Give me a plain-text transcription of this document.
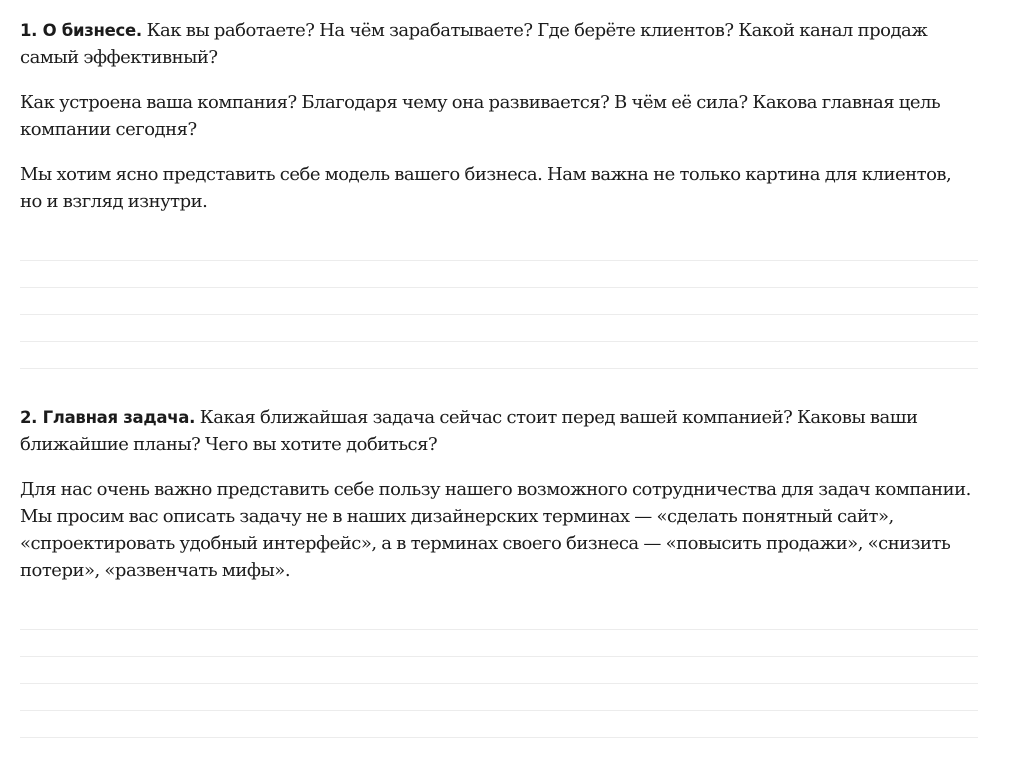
1. О бизнесе. Как вы работаете? На чём зарабатываете? Где берёте клиентов? Какой канал продаж самый эффективный?

Как устроена ваша компания? Благодаря чему она развивается? В чём её сила? Какова главная цель компании сегодня?

Мы хотим ясно представить себе модель вашего бизнеса. Нам важна не только картина для клиентов,
но и взгляд изнутри.

2. Главная задача. Какая ближайшая задача сейчас стоит перед вашей компанией? Каковы ваши ближайшие планы? Чего вы хотите добиться?

Для нас очень важно представить себе пользу нашего возможного сотрудничества для задач компании. Мы просим вас описать задачу не в наших дизайнерских терминах — «сделать понятный сайт», «спроектировать удобный интерфейс», а в терминах своего бизнеса — «повысить продажи», «снизить потери», «развенчать мифы».
